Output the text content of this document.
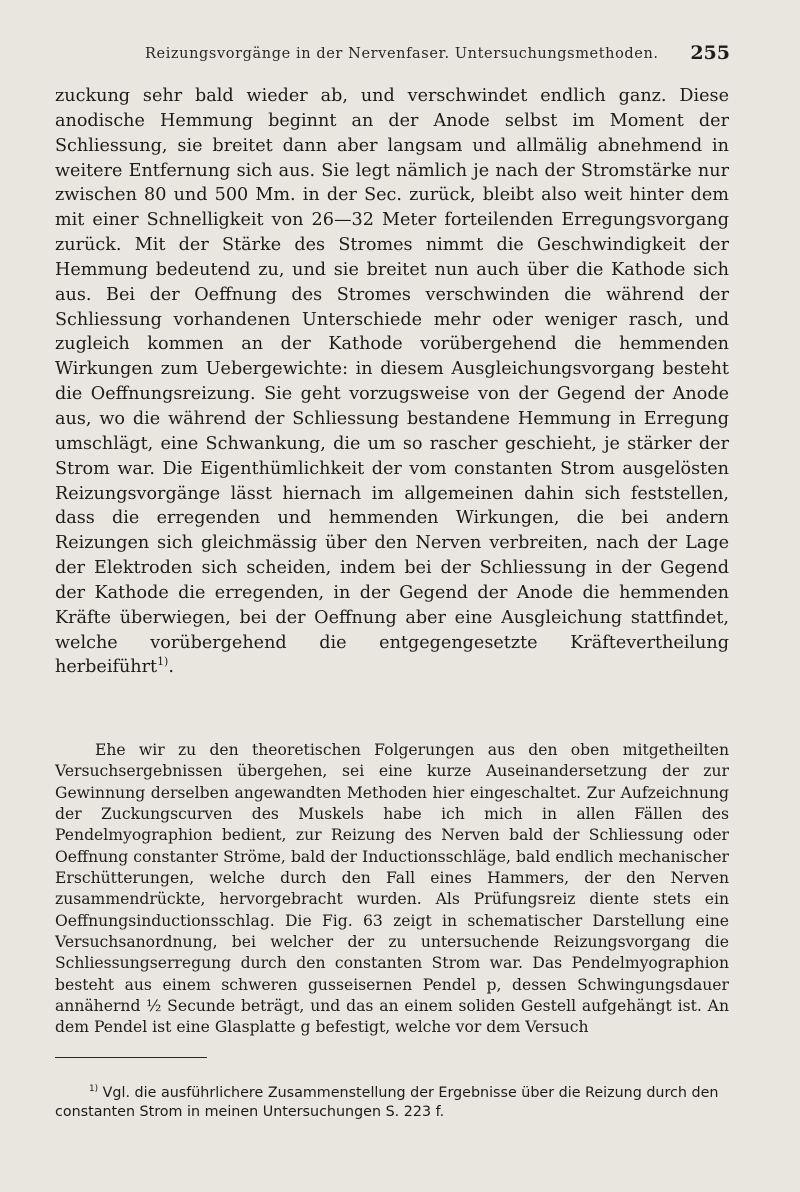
Reizungsvorgänge in der Nervenfaser. Untersuchungsmethoden. 255

zuckung sehr bald wieder ab, und verschwindet endlich ganz. Diese anodische Hemmung beginnt an der Anode selbst im Moment der Schliessung, sie breitet dann aber langsam und allmälig abnehmend in weitere Entfernung sich aus. Sie legt nämlich je nach der Stromstärke nur zwischen 80 und 500 Mm. in der Sec. zurück, bleibt also weit hinter dem mit einer Schnelligkeit von 26—32 Meter forteilenden Erregungsvorgang zurück. Mit der Stärke des Stromes nimmt die Geschwindigkeit der Hemmung bedeutend zu, und sie breitet nun auch über die Kathode sich aus. Bei der Oeffnung des Stromes verschwinden die während der Schliessung vorhandenen Unterschiede mehr oder weniger rasch, und zugleich kommen an der Kathode vorübergehend die hemmenden Wirkungen zum Uebergewichte: in diesem Ausgleichungsvorgang besteht die Oeffnungsreizung. Sie geht vorzugsweise von der Gegend der Anode aus, wo die während der Schliessung bestandene Hemmung in Erregung umschlägt, eine Schwankung, die um so rascher geschieht, je stärker der Strom war. Die Eigenthümlichkeit der vom constanten Strom ausgelösten Reizungsvorgänge lässt hiernach im allgemeinen dahin sich feststellen, dass die erregenden und hemmenden Wirkungen, die bei andern Reizungen sich gleichmässig über den Nerven verbreiten, nach der Lage der Elektroden sich scheiden, indem bei der Schliessung in der Gegend der Kathode die erregenden, in der Gegend der Anode die hemmenden Kräfte überwiegen, bei der Oeffnung aber eine Ausgleichung stattfindet, welche vorübergehend die entgegengesetzte Kräftevertheilung herbeiführt$^{1)}$.

Ehe wir zu den theoretischen Folgerungen aus den oben mitgetheilten Versuchsergebnissen übergehen, sei eine kurze Auseinandersetzung der zur Gewinnung derselben angewandten Methoden hier eingeschaltet. Zur Aufzeichnung der Zuckungscurven des Muskels habe ich mich in allen Fällen des Pendelmyographion bedient, zur Reizung des Nerven bald der Schliessung oder Oeffnung constanter Ströme, bald der Inductionsschläge, bald endlich mechanischer Erschütterungen, welche durch den Fall eines Hammers, der den Nerven zusammendrückte, hervorgebracht wurden. Als Prüfungsreiz diente stets ein Oeffnungsinductionsschlag. Die Fig. 63 zeigt in schematischer Darstellung eine Versuchsanordnung, bei welcher der zu untersuchende Reizungsvorgang die Schliessungserregung durch den constanten Strom war. Das Pendelmyographion besteht aus einem schweren gusseisernen Pendel p, dessen Schwingungsdauer annähernd ½ Secunde beträgt, und das an einem soliden Gestell aufgehängt ist. An dem Pendel ist eine Glasplatte g befestigt, welche vor dem Versuch

$^{1)}$ Vgl. die ausführlichere Zusammenstellung der Ergebnisse über die Reizung durch den constanten Strom in meinen Untersuchungen S. 223 f.
